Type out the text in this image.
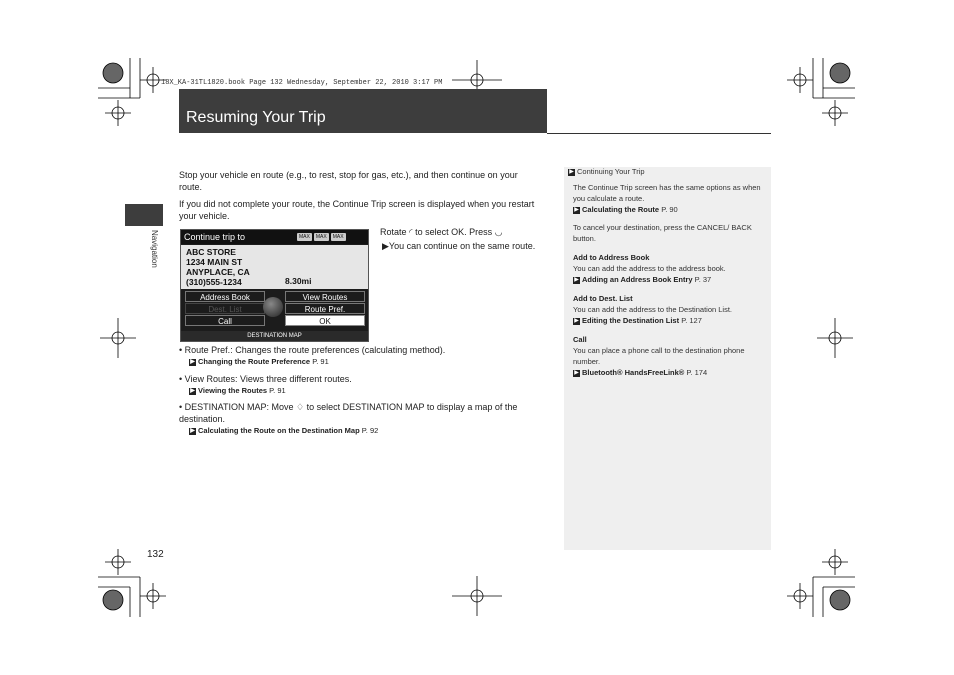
18X_KA-31TL1820.book Page 132 Wednesday, September 22, 2010 3:17 PM
Resuming Your Trip
Navigation
Stop your vehicle en route (e.g., to rest, stop for gas, etc.), and then continue on your route.
If you did not complete your route, the Continue Trip screen is displayed when you restart your vehicle.
Continue trip to	MAX	MAX	MAX
ABC STORE
1234 MAIN ST
ANYPLACE, CA
(310)555-1234	8.30mi
Address Book	View Routes
Dest. List	Route Pref.
Call	OK
DESTINATION MAP
Rotate ◜ to select OK. Press ◡
▶You can continue on the same route.
• Route Pref.: Changes the route preferences (calculating method).
▶ Changing the Route Preference P. 91
• View Routes: Views three different routes.
▶ Viewing the Routes P. 91
• DESTINATION MAP: Move ♢ to select DESTINATION MAP to display a map of the destination.
▶ Calculating the Route on the Destination Map P. 92
▶ Continuing Your Trip
The Continue Trip screen has the same options as when you calculate a route.
▶ Calculating the Route P. 90
To cancel your destination, press the CANCEL/ BACK button.
Add to Address Book
You can add the address to the address book.
▶ Adding an Address Book Entry P. 37
Add to Dest. List
You can add the address to the Destination List.
▶ Editing the Destination List P. 127
Call
You can place a phone call to the destination phone number.
▶ Bluetooth® HandsFreeLink® P. 174
132
